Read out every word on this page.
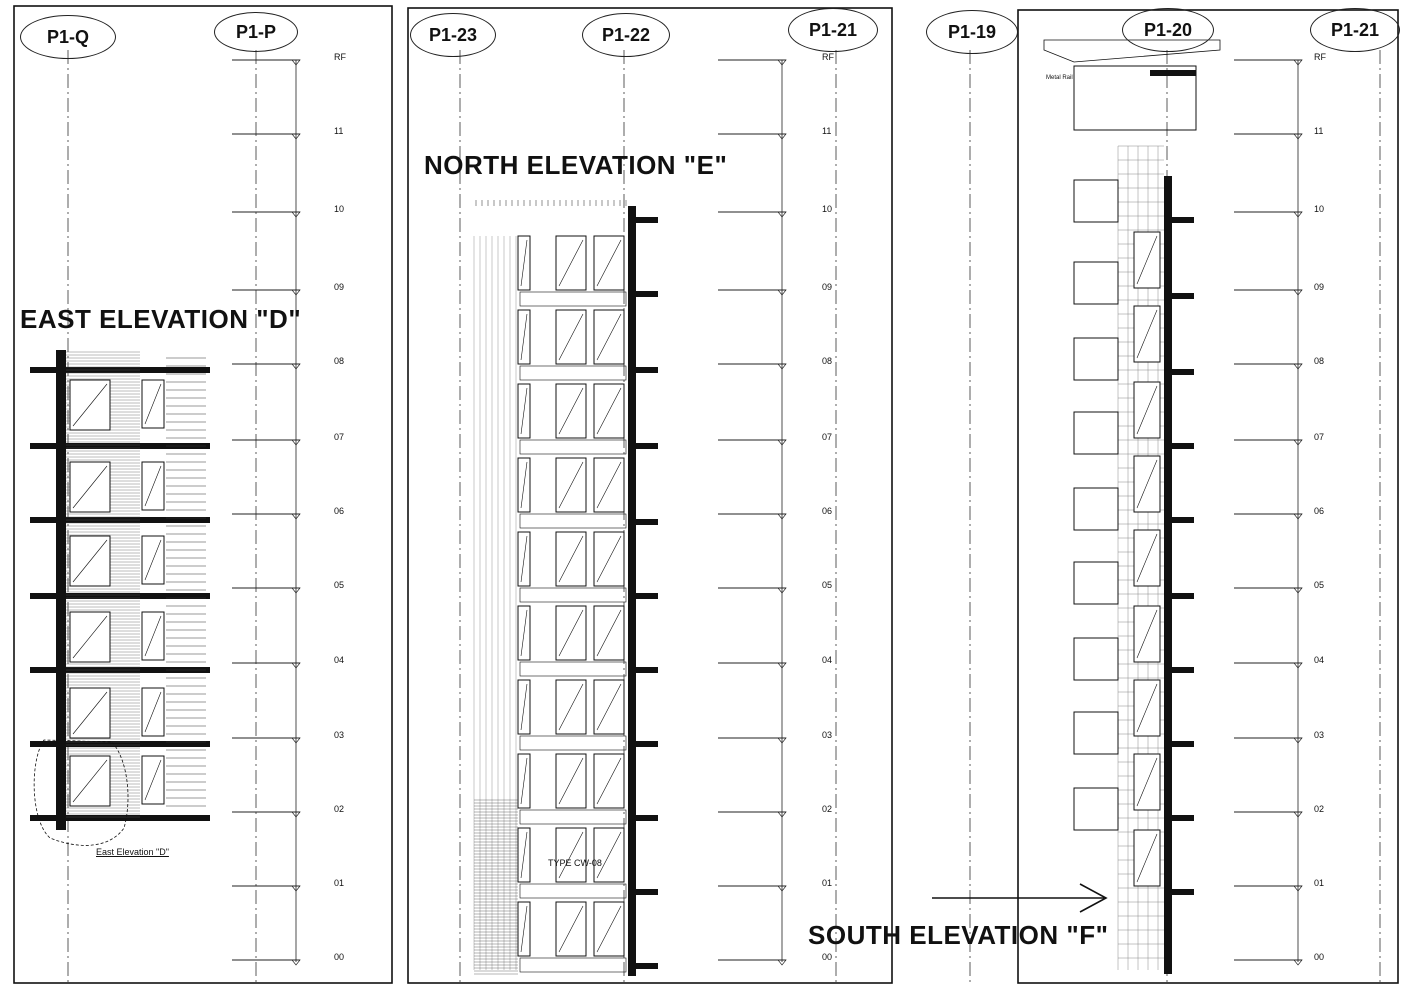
P1-Q	P1-P	P1-23	P1-22	P1-21	P1-19	P1-20	P1-21
EAST ELEVATION "D"
NORTH ELEVATION "E"
SOUTH ELEVATION "F"
East Elevation "D"
TYPE CW-08
Metal Rail
RF
11
10
09
08
07
06
05
04
03
02
01
00
RF
11
10
09
08
07
06
05
04
03
02
01
00
RF
11
10
09
08
07
06
05
04
03
02
01
00
